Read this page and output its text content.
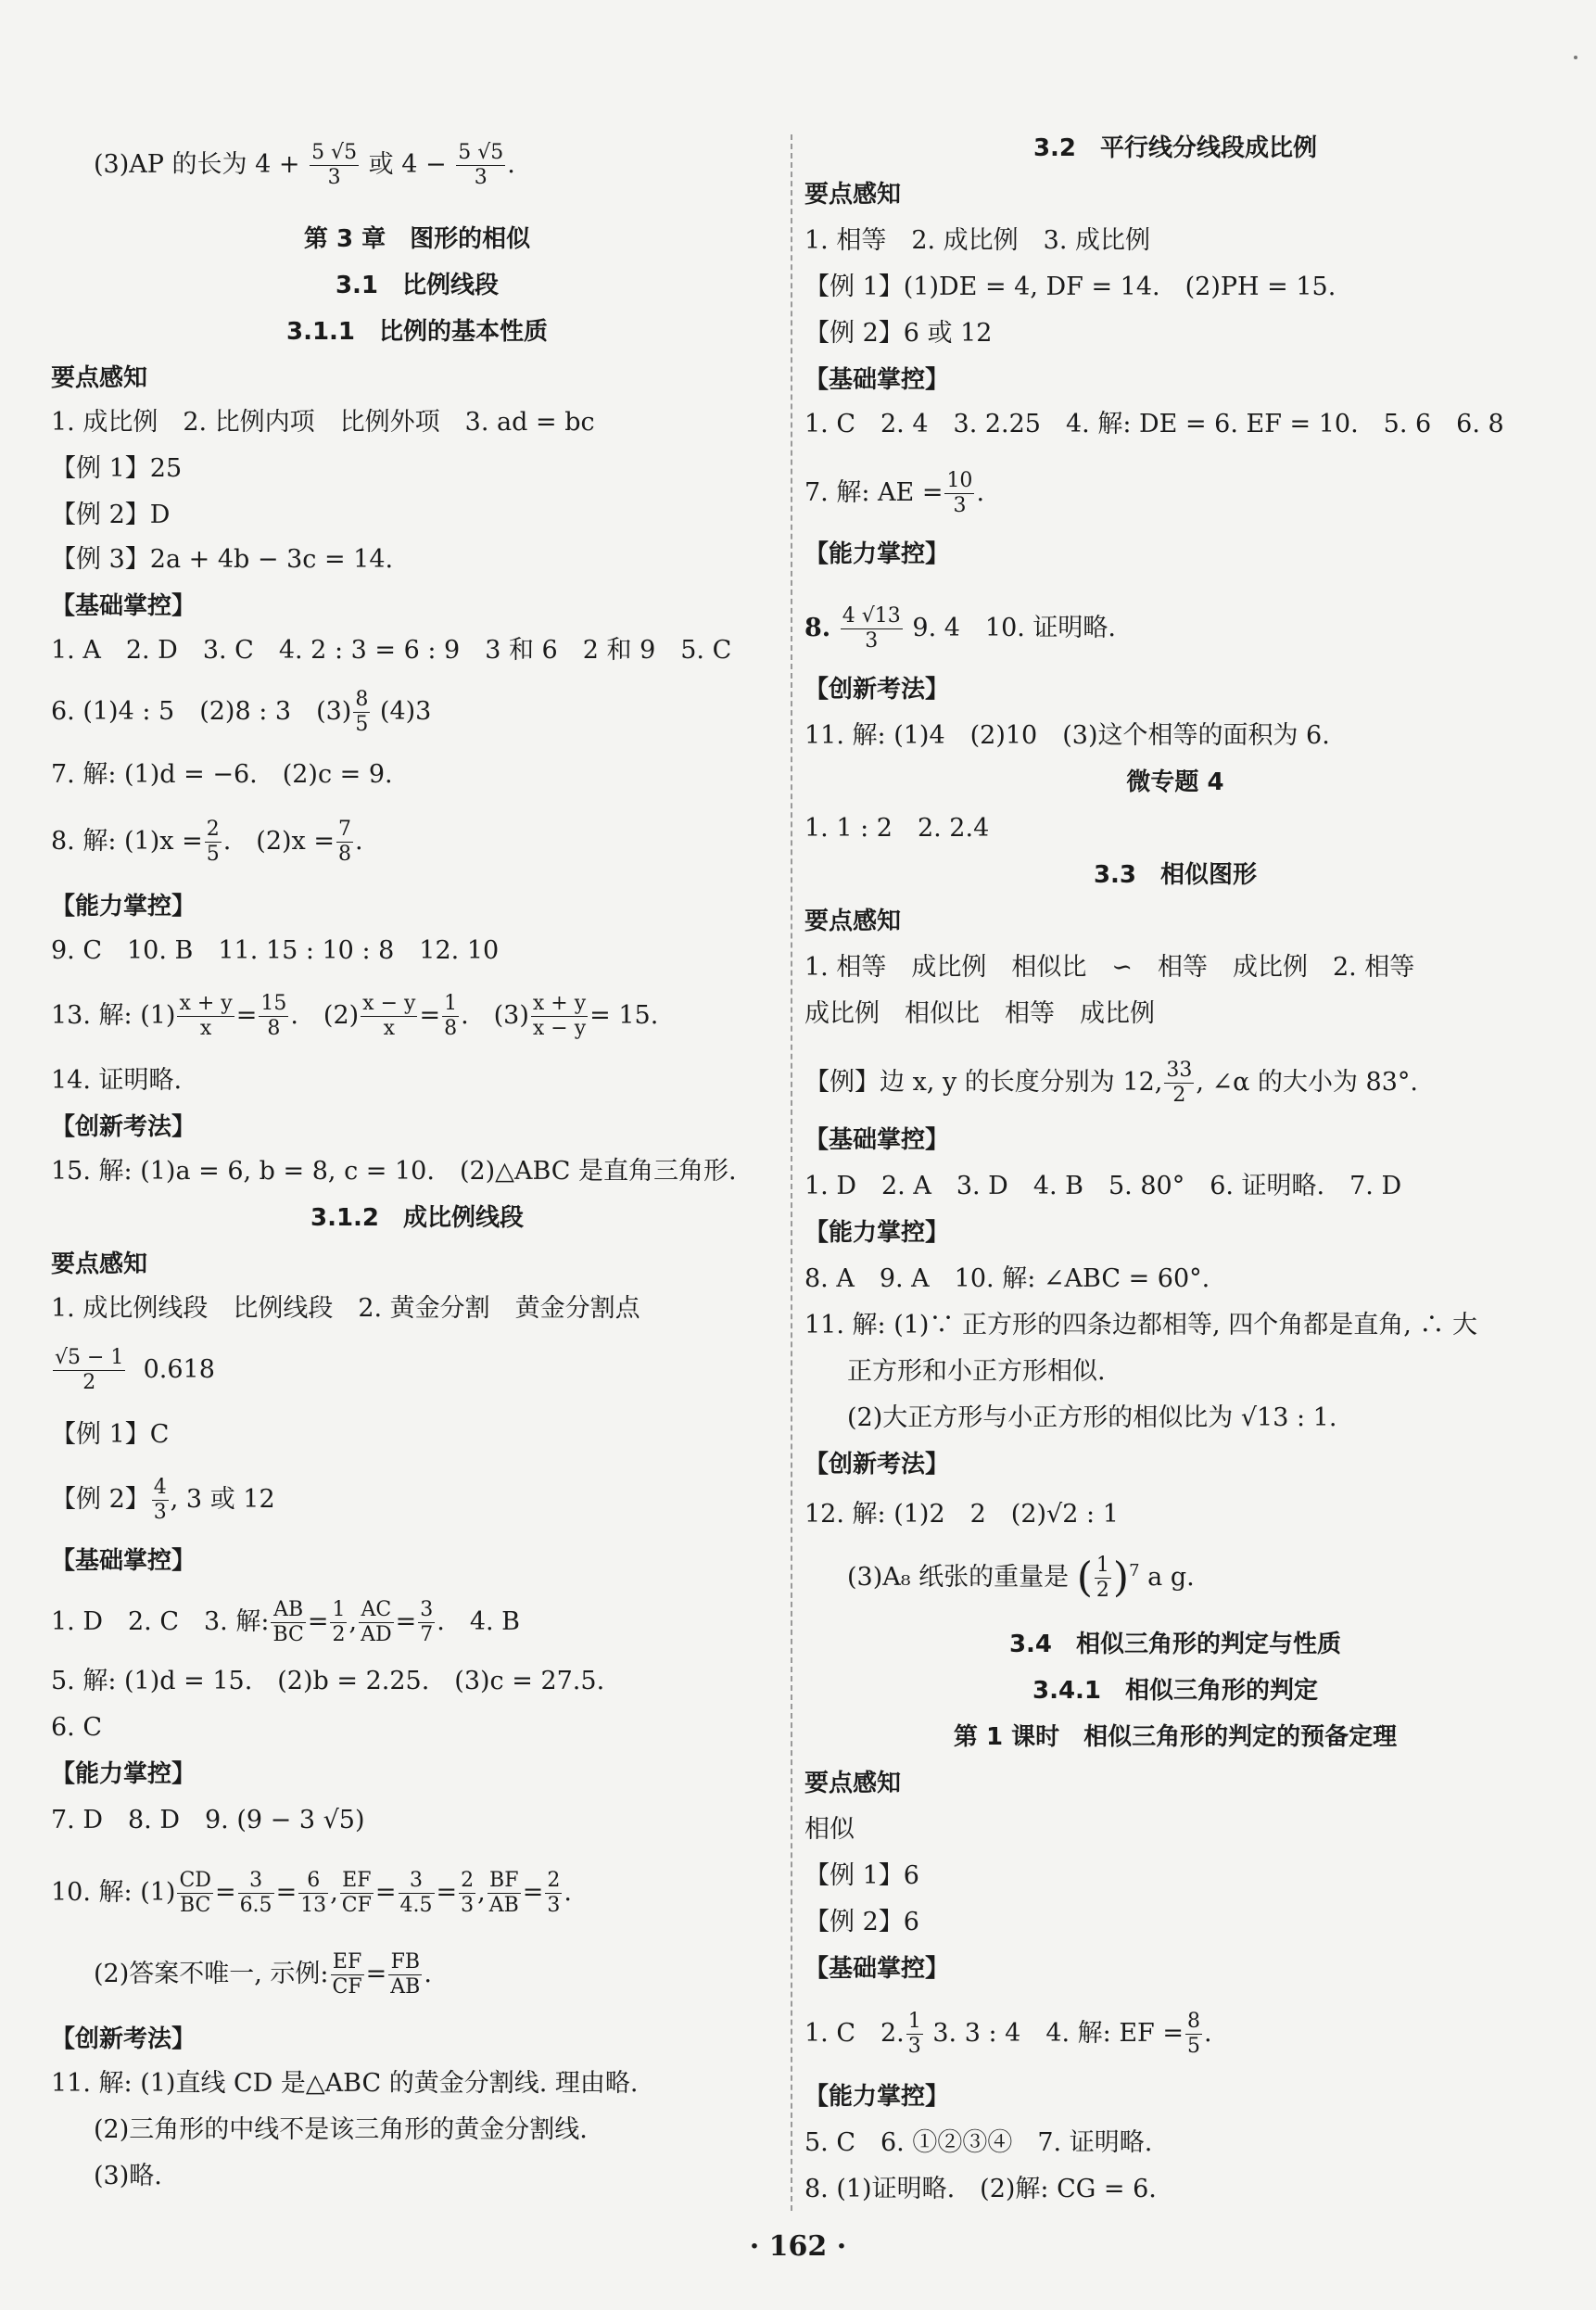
(3)AP 的长为 $4 + \frac{5 √5}{3}$ 或 $4 - \frac{5 √5}{3}$ .
第 3 章　图形的相似
3.1　比例线段
3.1.1　比例的基本性质
要点感知
1. 成比例　2. 比例内项　比例外项　3. ad = bc
【例 1】25
【例 2】D
【例 3】2a + 4b − 3c = 14.
【基础掌控】
1. A　2. D　3. C　4. 2 : 3 = 6 : 9　3 和 6　2 和 9　5. C
6. (1)4 : 5　(2)8 : 3　$(3) \frac{8}{5} (4)3$
7. 解: (1)d = −6.　(2)c = 9.
8. 解: $(1)x = \frac{2}{5}$ .　$(2)x = \frac{7}{8}$ .
【能力掌控】
9. C　10. B　11. 15 : 10 : 8　12. 10
13. 解: $(1) \frac{x + y}{x} = \frac{15}{8}$ .　$(2) \frac{x - y}{x} = \frac{1}{8}$ .　$(3) \frac{x + y}{x - y} = 15$.
14. 证明略.
【创新考法】
15. 解: (1)a = 6, b = 8, c = 10.　(2)△ABC 是直角三角形.
3.1.2　成比例线段
要点感知
1. 成比例线段　比例线段　2. 黄金分割　黄金分割点
$\frac{√5 - 1}{2} 0.618$
【例 1】C
【例 2】 $\frac{4}{3}$ , 3 或 12
【基础掌控】
1. D　2. C　3. 解: $\frac{AB}{BC} = \frac{1}{2}$ , $\frac{AC}{AD} = \frac{3}{7}$ .　4. B
5. 解: (1)d = 15.　(2)b = 2.25.　(3)c = 27.5.
6. C
【能力掌控】
7. D　8. D　9. (9 − 3 √5)
10. 解: $(1) \frac{CD}{BC} = \frac{3}{6.5} = \frac{6}{13}$ , $\frac{EF}{CF} = \frac{3}{4.5} = \frac{2}{3}$ , $\frac{BF}{AB} = \frac{2}{3}$ .
(2)答案不唯一, 示例: $\frac{EF}{CF} = \frac{FB}{AB}$ .
【创新考法】
11. 解: (1)直线 CD 是△ABC 的黄金分割线. 理由略.
(2)三角形的中线不是该三角形的黄金分割线.
(3)略.
3.2　平行线分线段成比例
要点感知
1. 相等　2. 成比例　3. 成比例
【例 1】(1)DE = 4, DF = 14.　(2)PH = 15.
【例 2】6 或 12
【基础掌控】
1. C　2. 4　3. 2.25　4. 解: DE = 6. EF = 10.　5. 6　6. 8
7. 解: AE = $\frac{10}{3}$ .
【能力掌控】
8. $\frac{4 √13}{3} 9$. 4　10. 证明略.
【创新考法】
11. 解: (1)4　(2)10　(3)这个相等的面积为 6.
微专题 4
1. 1 : 2　2. 2.4
3.3　相似图形
要点感知
1. 相等　成比例　相似比　∽　相等　成比例　2. 相等
成比例　相似比　相等　成比例
【例】边 x, y 的长度分别为 12, $\frac{33}{2}$ , ∠α 的大小为 83°.
【基础掌控】
1. D　2. A　3. D　4. B　5. 80°　6. 证明略.　7. D
【能力掌控】
8. A　9. A　10. 解: ∠ABC = 60°.
11. 解: (1)∵ 正方形的四条边都相等, 四个角都是直角, ∴ 大
正方形和小正方形相似.
(2)大正方形与小正方形的相似比为 √13 : 1.
【创新考法】
12. 解: (1)2　2　(2)√2 : 1
(3)A₈ 纸张的重量是 ( $\frac{1}{2} )^7$ a g.
3.4　相似三角形的判定与性质
3.4.1　相似三角形的判定
第 1 课时　相似三角形的判定的预备定理
要点感知
相似
【例 1】6
【例 2】6
【基础掌控】
1. C　2. $\frac{1}{3} 3$. 3 : 4　4. 解: EF = $\frac{8}{5}$ .
【能力掌控】
5. C　6. ①②③④　7. 证明略.
8. (1)证明略.　(2)解: CG = 6.
· 162 ·
